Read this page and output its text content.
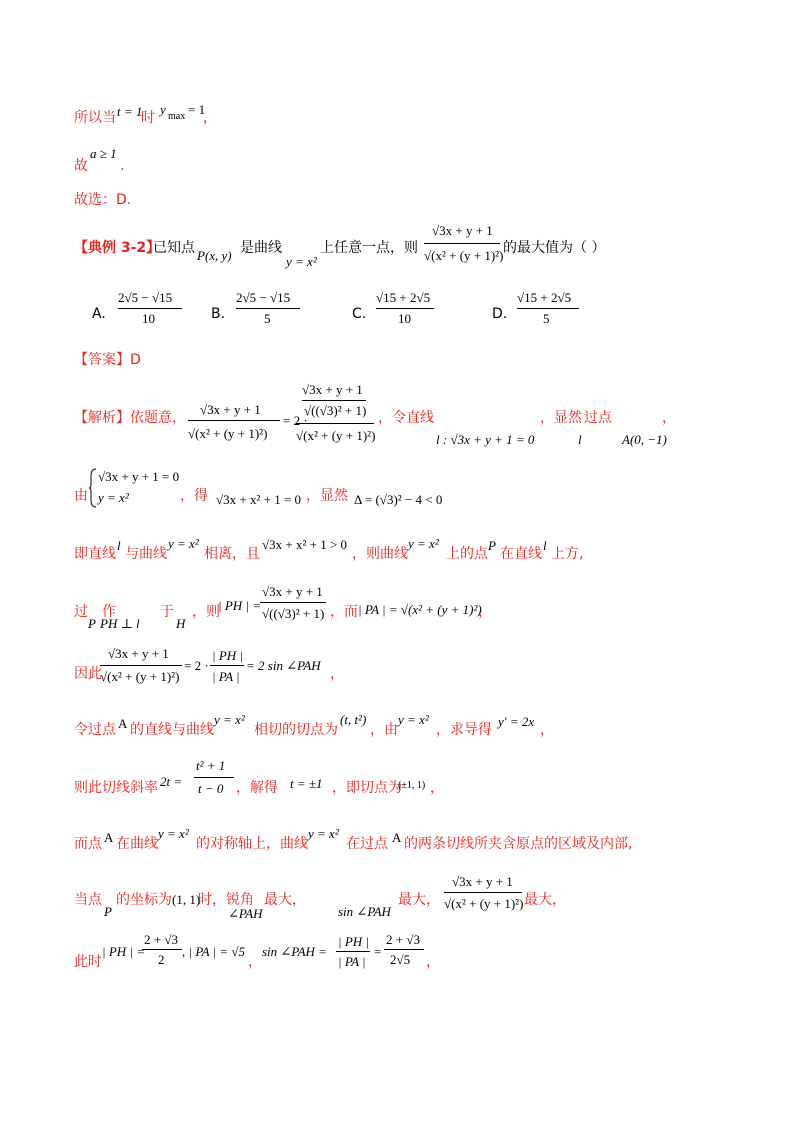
所以当 t = 1
时
y max = 1
，
故
a ≥ 1
.
故选：D.
【典例 3-2】
已知点 P(x, y) 是曲线
y = x²
上任意一点，则
√3x + y + 1
√(x² + (y + 1)²) 的最大值为（ ）
A.
2√5 − √15
10	B.
2√5 − √15
5	C.
√15 + 2√5
10	D.
√15 + 2√5
5
【答案】D
【解析】依题意，
√3x + y + 1
√(x² + (y + 1)²)
= 2 ·
√3x + y + 1
√((√3)² + 1)
√(x² + (y + 1)²)
，令直线
l : √3x + y + 1 = 0
，显然
l
过点
A(0, −1)
，
由
√3x + y + 1 = 0
y = x²	，得 √3x + x² + 1 = 0 ，显然 Δ = (√3)² − 4 < 0
即直线
l
与曲线
y = x²
相离，且
√3x + x² + 1 > 0
，则曲线
y = x²
上的点
P
在直线
l
上方,
过
P
作
PH ⊥ l
于
H
，则
| PH | =
√3x + y + 1
√((√3)² + 1) ，而 | PA | = √(x² + (y + 1)²)
，
因此
√3x + y + 1
√(x² + (y + 1)²)
= 2 ·
| PH |
| PA |
= 2 sin ∠PAH
，
令过点 A 的直线与曲线
y = x²
相切的切点为
(t, t²)
，由
y = x²
，求导得
y′ = 2x
，
则此切线斜率 2t =
t² + 1
t − 0 ，解得 t = ±1 ，即切点为
(±1, 1) ，
而点 A 在曲线
y = x²
的对称轴上，曲线
y = x²
在过点 A 的两条切线所夹含原点的区域及内部,
当点
P
的坐标为 (1, 1)
时，锐角
∠PAH
最大，
sin ∠PAH
最大，
√3x + y + 1
√(x² + (y + 1)²) 最大，
此时
| PH | =
2 + √3
2
, | PA | = √5
，
sin ∠PAH =
| PH |
| PA |
=
2 + √3
2√5 ，
